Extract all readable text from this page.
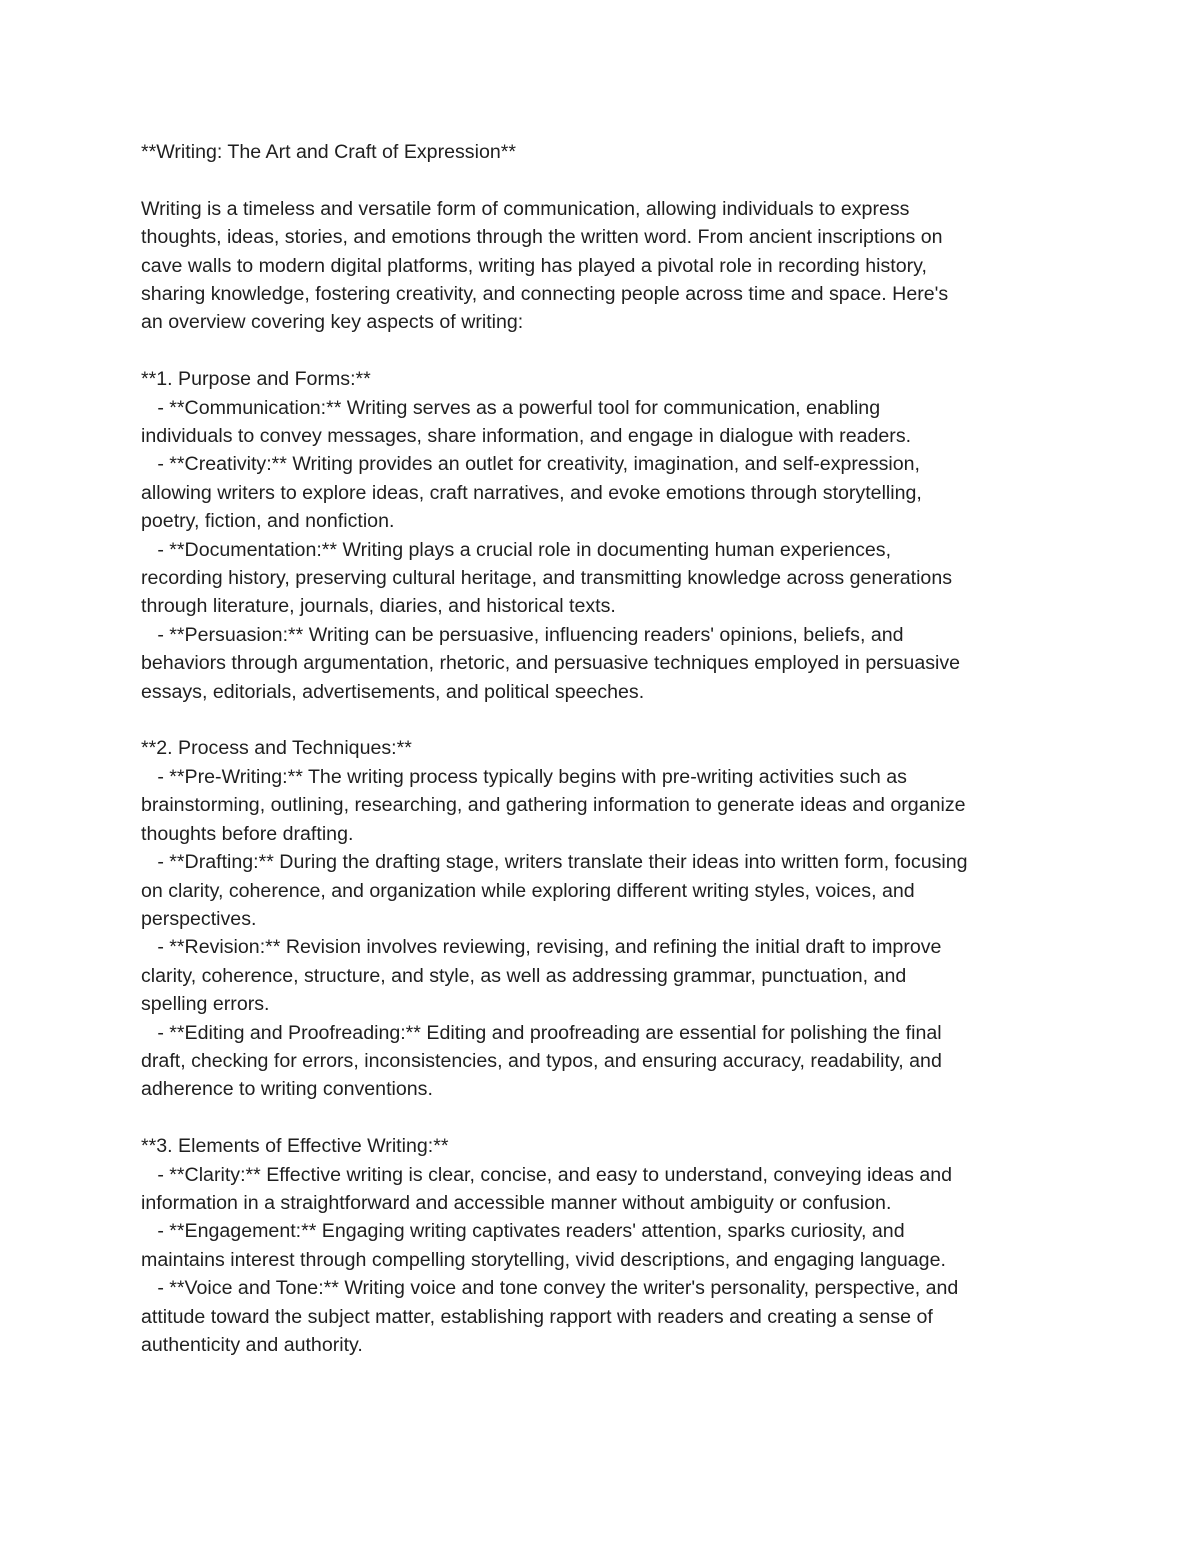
**Writing: The Art and Craft of Expression**
Writing is a timeless and versatile form of communication, allowing individuals to express
thoughts, ideas, stories, and emotions through the written word. From ancient inscriptions on
cave walls to modern digital platforms, writing has played a pivotal role in recording history,
sharing knowledge, fostering creativity, and connecting people across time and space. Here's
an overview covering key aspects of writing:
**1. Purpose and Forms:**
- **Communication:** Writing serves as a powerful tool for communication, enabling
individuals to convey messages, share information, and engage in dialogue with readers.
- **Creativity:** Writing provides an outlet for creativity, imagination, and self-expression,
allowing writers to explore ideas, craft narratives, and evoke emotions through storytelling,
poetry, fiction, and nonfiction.
- **Documentation:** Writing plays a crucial role in documenting human experiences,
recording history, preserving cultural heritage, and transmitting knowledge across generations
through literature, journals, diaries, and historical texts.
- **Persuasion:** Writing can be persuasive, influencing readers' opinions, beliefs, and
behaviors through argumentation, rhetoric, and persuasive techniques employed in persuasive
essays, editorials, advertisements, and political speeches.
**2. Process and Techniques:**
- **Pre-Writing:** The writing process typically begins with pre-writing activities such as
brainstorming, outlining, researching, and gathering information to generate ideas and organize
thoughts before drafting.
- **Drafting:** During the drafting stage, writers translate their ideas into written form, focusing
on clarity, coherence, and organization while exploring different writing styles, voices, and
perspectives.
- **Revision:** Revision involves reviewing, revising, and refining the initial draft to improve
clarity, coherence, structure, and style, as well as addressing grammar, punctuation, and
spelling errors.
- **Editing and Proofreading:** Editing and proofreading are essential for polishing the final
draft, checking for errors, inconsistencies, and typos, and ensuring accuracy, readability, and
adherence to writing conventions.
**3. Elements of Effective Writing:**
- **Clarity:** Effective writing is clear, concise, and easy to understand, conveying ideas and
information in a straightforward and accessible manner without ambiguity or confusion.
- **Engagement:** Engaging writing captivates readers' attention, sparks curiosity, and
maintains interest through compelling storytelling, vivid descriptions, and engaging language.
- **Voice and Tone:** Writing voice and tone convey the writer's personality, perspective, and
attitude toward the subject matter, establishing rapport with readers and creating a sense of
authenticity and authority.
